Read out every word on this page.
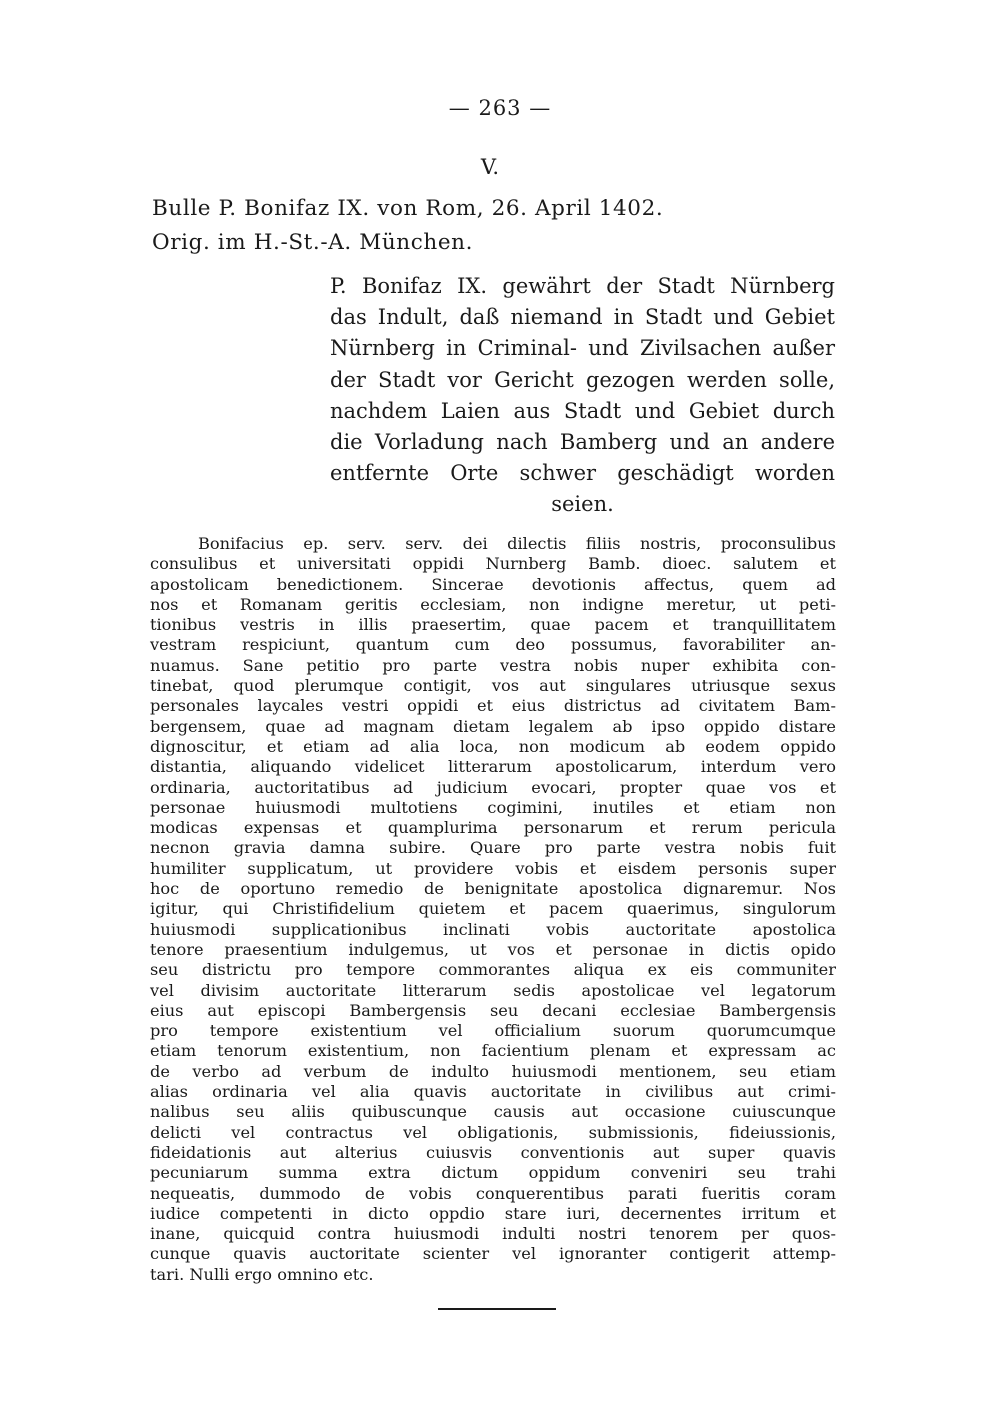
— 263 —
V.
Bulle P. Bonifaz IX. von Rom, 26. April 1402.
Orig. im H.-St.-A. München.
P. Bonifaz IX. gewährt der Stadt Nürnberg
das Indult, daß niemand in Stadt und Gebiet
Nürnberg in Criminal- und Zivilsachen außer
der Stadt vor Gericht gezogen werden solle,
nachdem Laien aus Stadt und Gebiet durch
die Vorladung nach Bamberg und an andere
entfernte Orte schwer geschädigt worden
seien.
Bonifacius ep. serv. serv. dei dilectis filiis nostris, proconsulibus
consulibus et universitati oppidi Nurnberg Bamb. dioec. salutem et
apostolicam benedictionem. Sincerae devotionis affectus, quem ad
nos et Romanam geritis ecclesiam, non indigne meretur, ut peti-
tionibus vestris in illis praesertim, quae pacem et tranquillitatem
vestram respiciunt, quantum cum deo possumus, favorabiliter an-
nuamus. Sane petitio pro parte vestra nobis nuper exhibita con-
tinebat, quod plerumque contigit, vos aut singulares utriusque sexus
personales laycales vestri oppidi et eius districtus ad civitatem Bam-
bergensem, quae ad magnam dietam legalem ab ipso oppido distare
dignoscitur, et etiam ad alia loca, non modicum ab eodem oppido
distantia, aliquando videlicet litterarum apostolicarum, interdum vero
ordinaria, auctoritatibus ad judicium evocari, propter quae vos et
personae huiusmodi multotiens cogimini, inutiles et etiam non
modicas expensas et quamplurima personarum et rerum pericula
necnon gravia damna subire. Quare pro parte vestra nobis fuit
humiliter supplicatum, ut providere vobis et eisdem personis super
hoc de oportuno remedio de benignitate apostolica dignaremur. Nos
igitur, qui Christifidelium quietem et pacem quaerimus, singulorum
huiusmodi supplicationibus inclinati vobis auctoritate apostolica
tenore praesentium indulgemus, ut vos et personae in dictis opido
seu districtu pro tempore commorantes aliqua ex eis communiter
vel divisim auctoritate litterarum sedis apostolicae vel legatorum
eius aut episcopi Bambergensis seu decani ecclesiae Bambergensis
pro tempore existentium vel officialium suorum quorumcumque
etiam tenorum existentium, non facientium plenam et expressam ac
de verbo ad verbum de indulto huiusmodi mentionem, seu etiam
alias ordinaria vel alia quavis auctoritate in civilibus aut crimi-
nalibus seu aliis quibuscunque causis aut occasione cuiuscunque
delicti vel contractus vel obligationis, submissionis, fideiussionis,
fideidationis aut alterius cuiusvis conventionis aut super quavis
pecuniarum summa extra dictum oppidum conveniri seu trahi
nequeatis, dummodo de vobis conquerentibus parati fueritis coram
iudice competenti in dicto oppdio stare iuri, decernentes irritum et
inane, quicquid contra huiusmodi indulti nostri tenorem per quos-
cunque quavis auctoritate scienter vel ignoranter contigerit attemp-
tari. Nulli ergo omnino etc.
